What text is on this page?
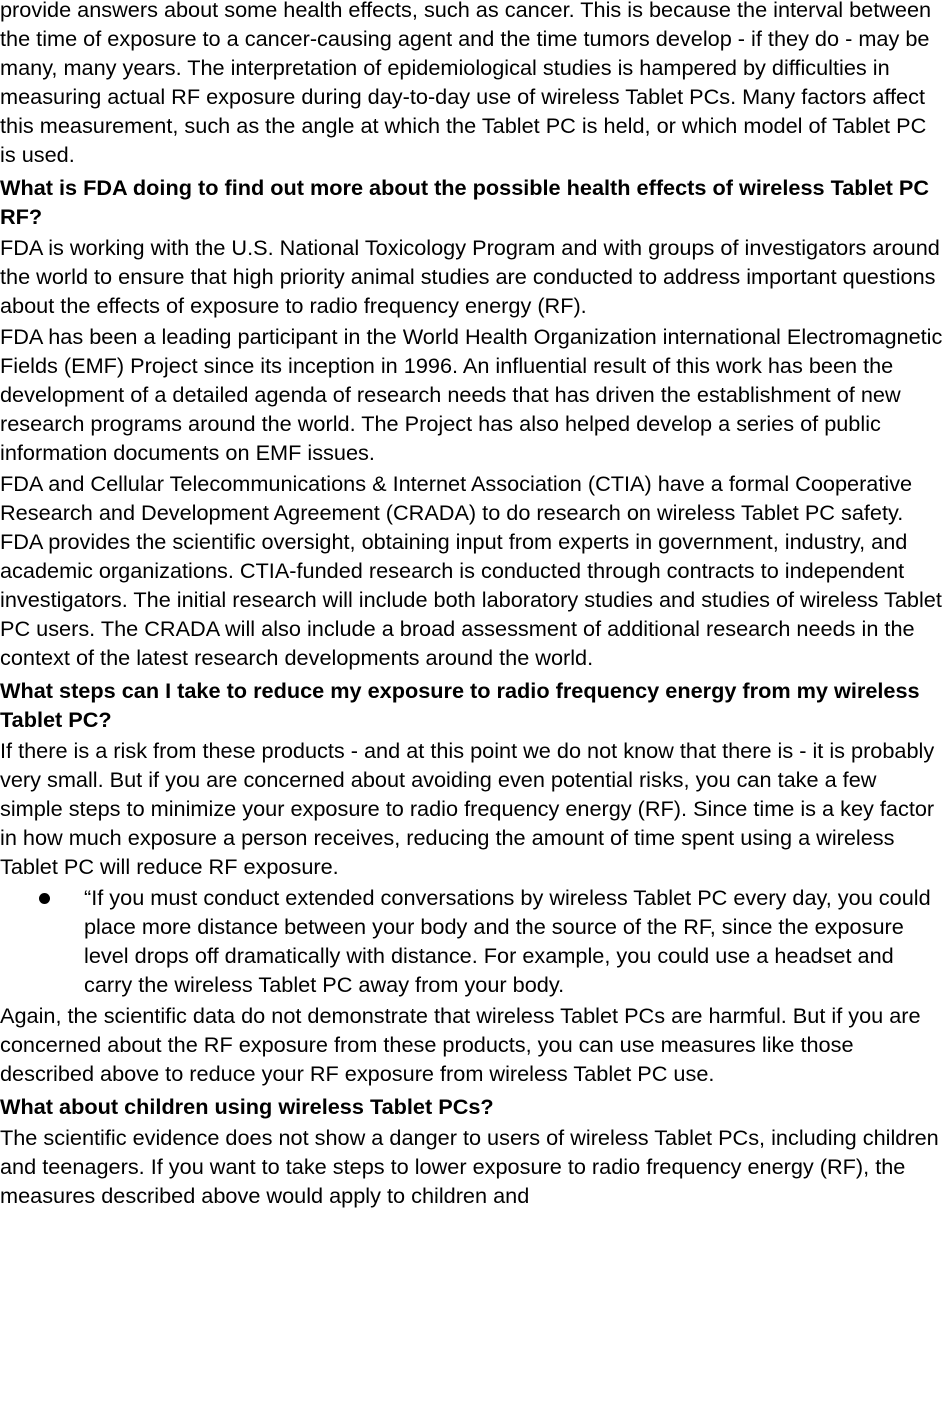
provide answers about some health effects, such as cancer. This is because the interval between the time of exposure to a cancer-causing agent and the time tumors develop - if they do - may be many, many years. The interpretation of epidemiological studies is hampered by difficulties in measuring actual RF exposure during day-to-day use of wireless Tablet PCs. Many factors affect this measurement, such as the angle at which the Tablet PC is held, or which model of Tablet PC is used.

What is FDA doing to find out more about the possible health effects of wireless Tablet PC RF?

FDA is working with the U.S. National Toxicology Program and with groups of investigators around the world to ensure that high priority animal studies are conducted to address important questions about the effects of exposure to radio frequency energy (RF).

FDA has been a leading participant in the World Health Organization international Electromagnetic Fields (EMF) Project since its inception in 1996. An influential result of this work has been the development of a detailed agenda of research needs that has driven the establishment of new research programs around the world. The Project has also helped develop a series of public information documents on EMF issues.

FDA and Cellular Telecommunications & Internet Association (CTIA) have a formal Cooperative Research and Development Agreement (CRADA) to do research on wireless Tablet PC safety. FDA provides the scientific oversight, obtaining input from experts in government, industry, and academic organizations. CTIA-funded research is conducted through contracts to independent investigators. The initial research will include both laboratory studies and studies of wireless Tablet PC users. The CRADA will also include a broad assessment of additional research needs in the context of the latest research developments around the world.

What steps can I take to reduce my exposure to radio frequency energy from my wireless Tablet PC?

If there is a risk from these products - and at this point we do not know that there is - it is probably very small. But if you are concerned about avoiding even potential risks, you can take a few simple steps to minimize your exposure to radio frequency energy (RF). Since time is a key factor in how much exposure a person receives, reducing the amount of time spent using a wireless Tablet PC will reduce RF exposure.

“If you must conduct extended conversations by wireless Tablet PC every day, you could place more distance between your body and the source of the RF, since the exposure level drops off dramatically with distance. For example, you could use a headset and carry the wireless Tablet PC away from your body.

Again, the scientific data do not demonstrate that wireless Tablet PCs are harmful. But if you are concerned about the RF exposure from these products, you can use measures like those described above to reduce your RF exposure from wireless Tablet PC use.

What about children using wireless Tablet PCs?

The scientific evidence does not show a danger to users of wireless Tablet PCs, including children and teenagers. If you want to take steps to lower exposure to radio frequency energy (RF), the measures described above would apply to children and
